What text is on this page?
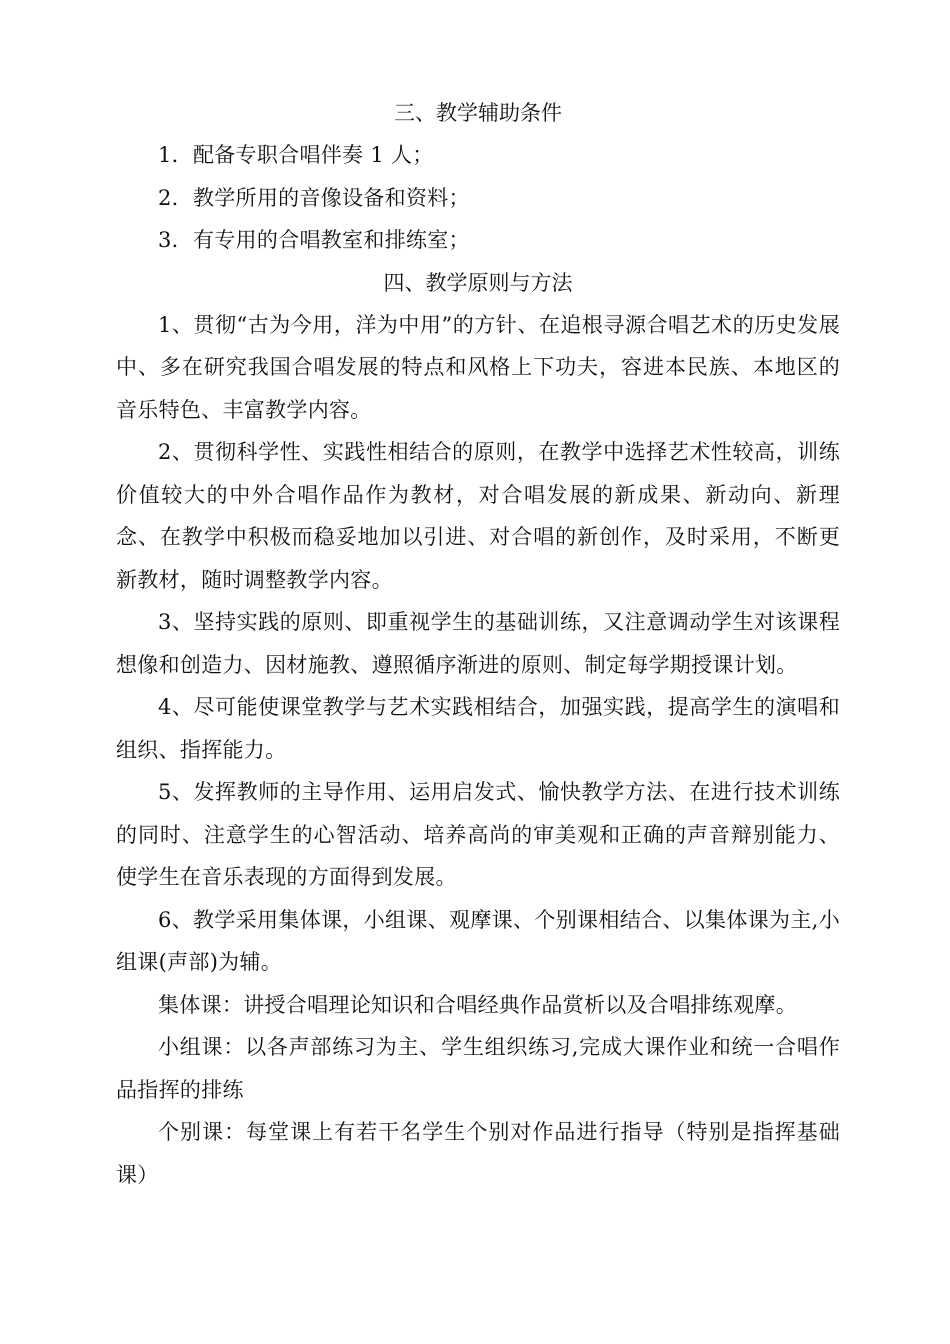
三、教学辅助条件

1．配备专职合唱伴奏 1 人；

2．教学所用的音像设备和资料；

3．有专用的合唱教室和排练室；

四、教学原则与方法

1、贯彻“古为今用，洋为中用”的方针、在追根寻源合唱艺术的历史发展中、多在研究我国合唱发展的特点和风格上下功夫，容进本民族、本地区的音乐特色、丰富教学内容。

2、贯彻科学性、实践性相结合的原则，在教学中选择艺术性较高，训练价值较大的中外合唱作品作为教材，对合唱发展的新成果、新动向、新理念、在教学中积极而稳妥地加以引进、对合唱的新创作，及时采用，不断更新教材，随时调整教学内容。

3、坚持实践的原则、即重视学生的基础训练，又注意调动学生对该课程想像和创造力、因材施教、遵照循序渐进的原则、制定每学期授课计划。

4、尽可能使课堂教学与艺术实践相结合，加强实践，提高学生的演唱和组织、指挥能力。

5、发挥教师的主导作用、运用启发式、愉快教学方法、在进行技术训练的同时、注意学生的心智活动、培养高尚的审美观和正确的声音辩别能力、使学生在音乐表现的方面得到发展。

6、教学采用集体课，小组课、观摩课、个别课相结合、以集体课为主,小组课(声部)为辅。

集体课：讲授合唱理论知识和合唱经典作品赏析以及合唱排练观摩。

小组课：以各声部练习为主、学生组织练习,完成大课作业和统一合唱作品指挥的排练

个别课：每堂课上有若干名学生个别对作品进行指导（特别是指挥基础课）
